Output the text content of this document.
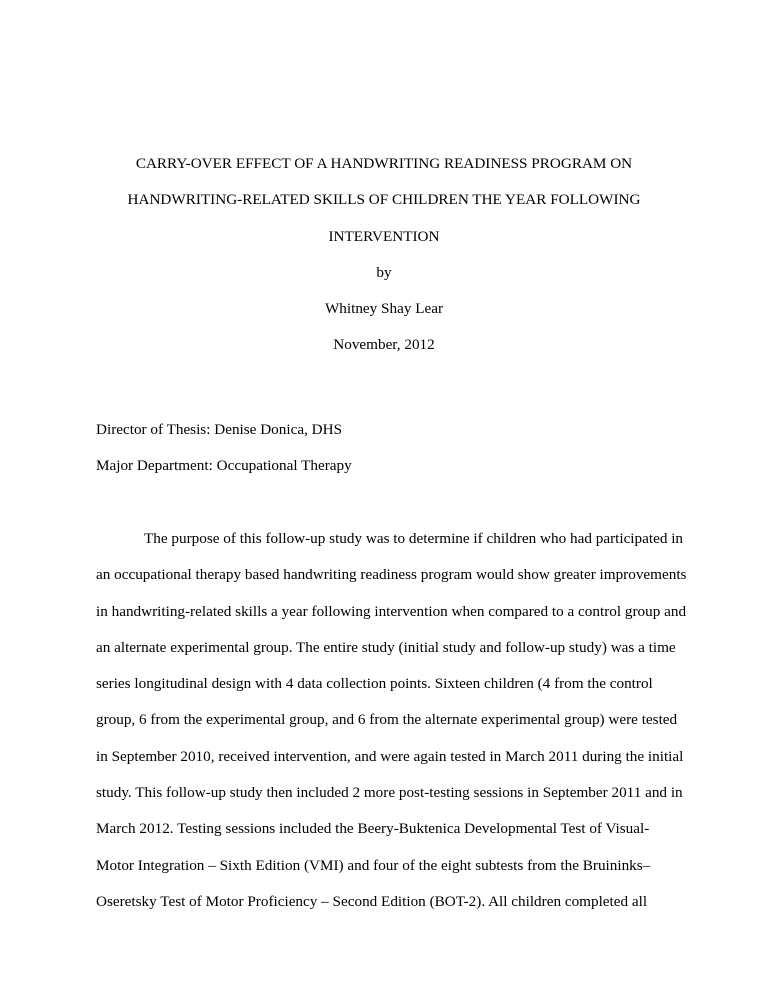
CARRY-OVER EFFECT OF A HANDWRITING READINESS PROGRAM ON
HANDWRITING-RELATED SKILLS OF CHILDREN THE YEAR FOLLOWING
INTERVENTION
by
Whitney Shay Lear
November, 2012
Director of Thesis: Denise Donica, DHS
Major Department: Occupational Therapy
The purpose of this follow-up study was to determine if children who had participated in
an occupational therapy based handwriting readiness program would show greater improvements
in handwriting-related skills a year following intervention when compared to a control group and
an alternate experimental group. The entire study (initial study and follow-up study) was a time
series longitudinal design with 4 data collection points. Sixteen children (4 from the control
group, 6 from the experimental group, and 6 from the alternate experimental group) were tested
in September 2010, received intervention, and were again tested in March 2011 during the initial
study. This follow-up study then included 2 more post-testing sessions in September 2011 and in
March 2012. Testing sessions included the Beery-Buktenica Developmental Test of Visual-
Motor Integration – Sixth Edition (VMI) and four of the eight subtests from the Bruininks–
Oseretsky Test of Motor Proficiency – Second Edition (BOT-2). All children completed all
